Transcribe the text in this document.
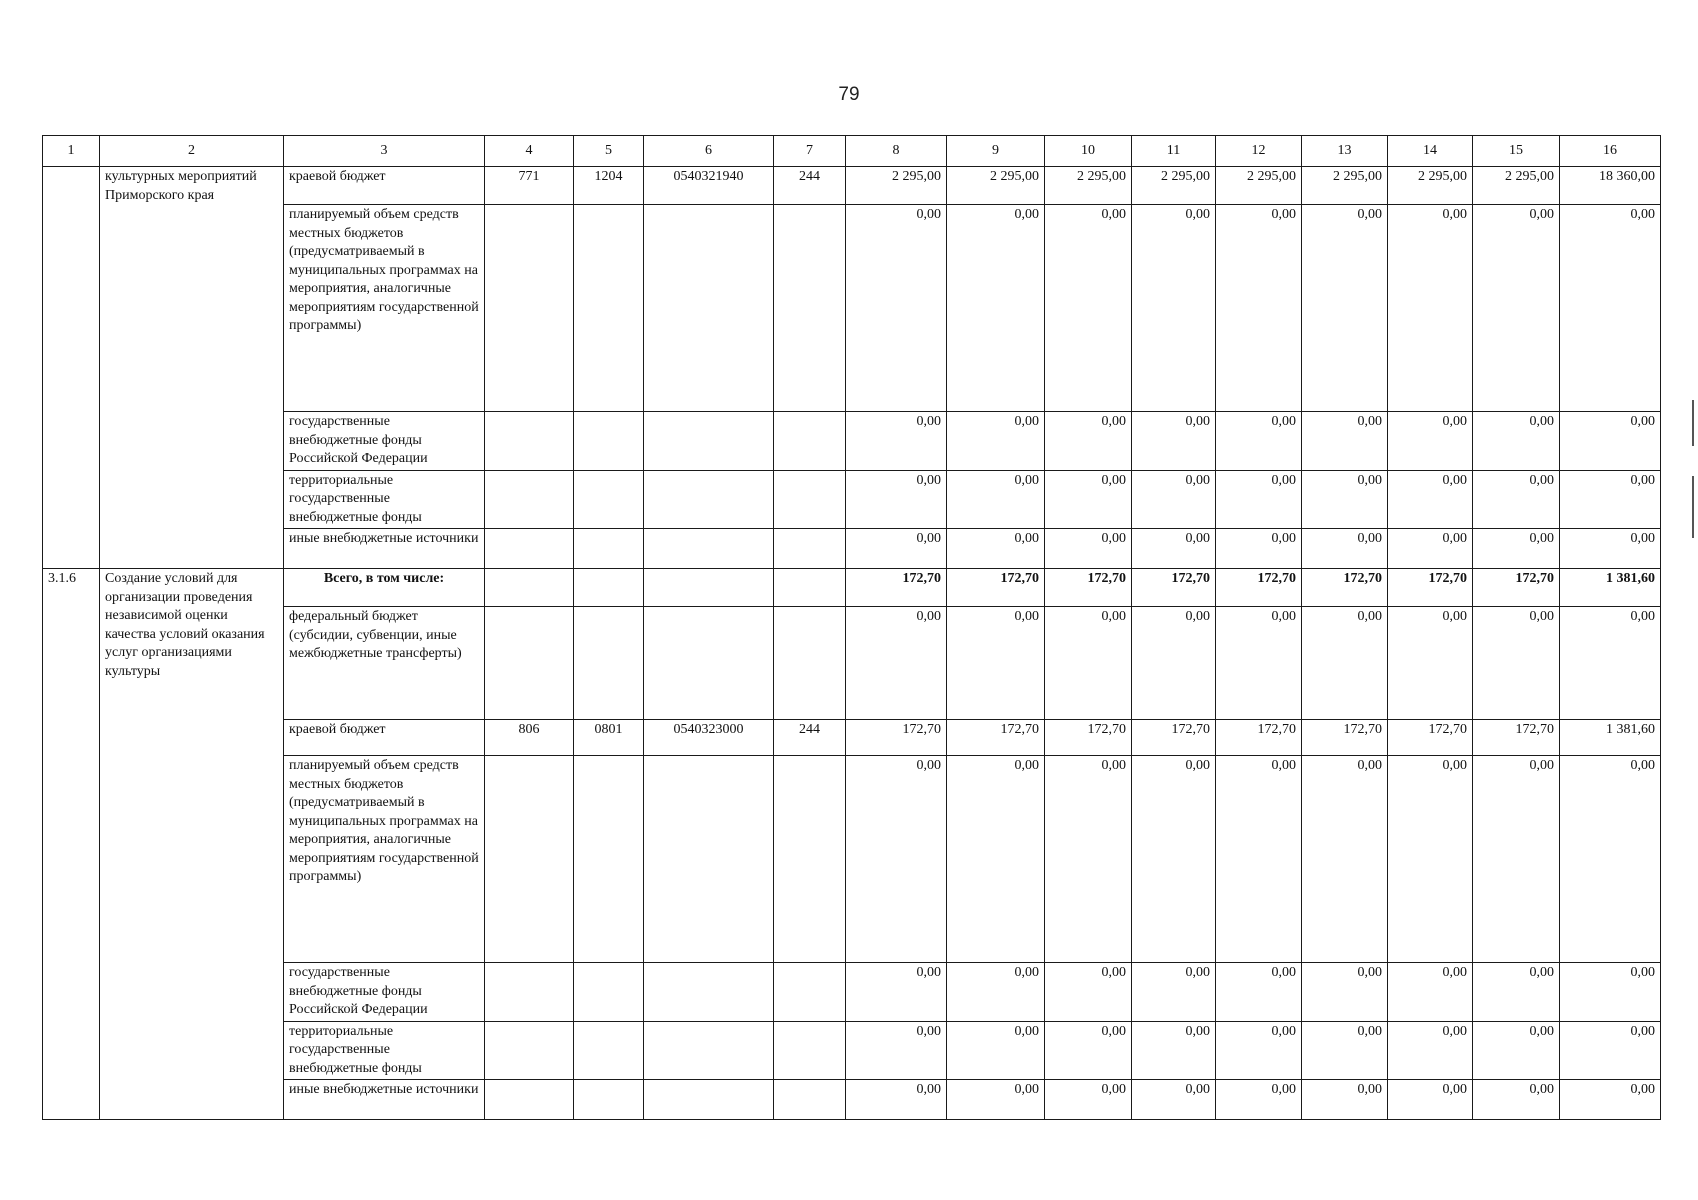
79
1	2	3	4	5	6	7	8	9	10	11	12	13	14	15	16
	культурных мероприятий Приморского края	краевой бюджет	771	1204	0540321940	244	2 295,00	2 295,00	2 295,00	2 295,00	2 295,00	2 295,00	2 295,00	2 295,00	18 360,00
		планируемый объем средств местных бюджетов (предусматриваемый в муниципальных программах на мероприятия, аналогичные мероприятиям государственной программы)					0,00	0,00	0,00	0,00	0,00	0,00	0,00	0,00	0,00
		государственные внебюджетные фонды Российской Федерации					0,00	0,00	0,00	0,00	0,00	0,00	0,00	0,00	0,00
		территориальные государственные внебюджетные фонды					0,00	0,00	0,00	0,00	0,00	0,00	0,00	0,00	0,00
		иные внебюджетные источники					0,00	0,00	0,00	0,00	0,00	0,00	0,00	0,00	0,00
3.1.6	Создание условий для организации проведения независимой оценки качества условий оказания услуг организациями культуры	Всего, в том числе:					172,70	172,70	172,70	172,70	172,70	172,70	172,70	172,70	1 381,60
		федеральный бюджет (субсидии, субвенции, иные межбюджетные трансферты)					0,00	0,00	0,00	0,00	0,00	0,00	0,00	0,00	0,00
		краевой бюджет	806	0801	0540323000	244	172,70	172,70	172,70	172,70	172,70	172,70	172,70	172,70	1 381,60
		планируемый объем средств местных бюджетов (предусматриваемый в муниципальных программах на мероприятия, аналогичные мероприятиям государственной программы)					0,00	0,00	0,00	0,00	0,00	0,00	0,00	0,00	0,00
		государственные внебюджетные фонды Российской Федерации					0,00	0,00	0,00	0,00	0,00	0,00	0,00	0,00	0,00
		территориальные государственные внебюджетные фонды					0,00	0,00	0,00	0,00	0,00	0,00	0,00	0,00	0,00
		иные внебюджетные источники					0,00	0,00	0,00	0,00	0,00	0,00	0,00	0,00	0,00
